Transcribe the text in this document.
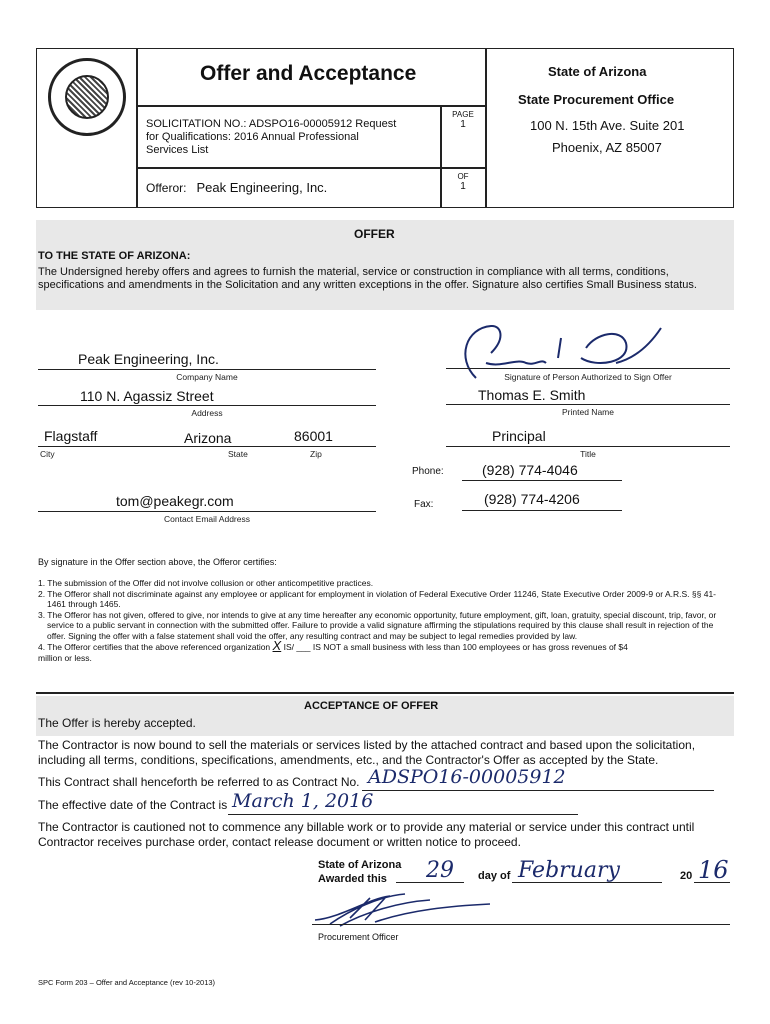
Offer and Acceptance
SOLICITATION NO.: ADSPO16-00005912 Request
for Qualifications: 2016 Annual Professional
Services List
PAGE
1
OF
1
Offeror: Peak Engineering, Inc.
State of Arizona
State Procurement Office
100 N. 15th Ave. Suite 201
Phoenix, AZ 85007
OFFER
TO THE STATE OF ARIZONA:
The Undersigned hereby offers and agrees to furnish the material, service or construction in compliance with all terms, conditions, specifications and amendments in the Solicitation and any written exceptions in the offer. Signature also certifies Small Business status.
Peak Engineering, Inc.
Company Name
110 N. Agassiz Street
Address
Flagstaff	Arizona	86001
City	State	Zip
tom@peakegr.com
Contact Email Address
Signature of Person Authorized to Sign Offer
Thomas E. Smith
Printed Name
Principal
Title
Phone:	(928) 774-4046
Fax:	(928) 774-4206
By signature in the Offer section above, the Offeror certifies:
1. The submission of the Offer did not involve collusion or other anticompetitive practices.
2. The Offeror shall not discriminate against any employee or applicant for employment in violation of Federal Executive Order 11246, State Executive Order 2009-9 or A.R.S. §§ 41-1461 through 1465.
3. The Offeror has not given, offered to give, nor intends to give at any time hereafter any economic opportunity, future employment, gift, loan, gratuity, special discount, trip, favor, or service to a public servant in connection with the submitted offer. Failure to provide a valid signature affirming the stipulations required by this clause shall result in rejection of the offer. Signing the offer with a false statement shall void the offer, any resulting contract and may be subject to legal remedies provided by law.
4. The Offeror certifies that the above referenced organization X IS/ ___ IS NOT a small business with less than 100 employees or has gross revenues of $4
million or less.
ACCEPTANCE OF OFFER
The Offer is hereby accepted.
The Contractor is now bound to sell the materials or services listed by the attached contract and based upon the solicitation, including all terms, conditions, specifications, amendments, etc., and the Contractor's Offer as accepted by the State.
This Contract shall henceforth be referred to as Contract No. ADSPO16-00005912
The effective date of the Contract is March 1, 2016
The Contractor is cautioned not to commence any billable work or to provide any material or service under this contract until Contractor receives purchase order, contact release document or written notice to proceed.
State of Arizona
Awarded this	29 day of February	20 16
Procurement Officer
SPC Form 203 – Offer and Acceptance (rev 10-2013)
